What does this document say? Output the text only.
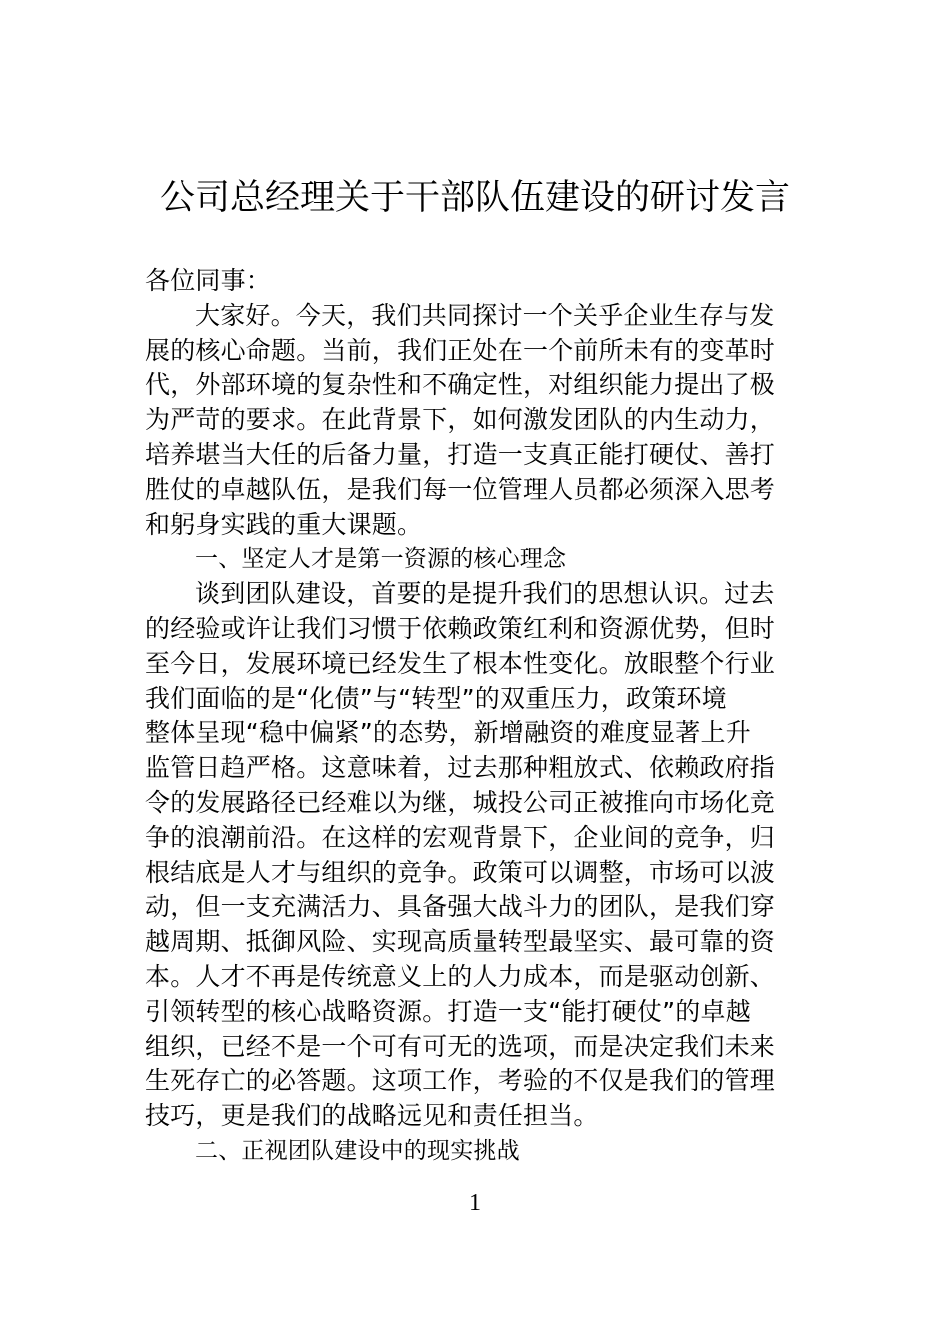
公司总经理关于干部队伍建设的研讨发言
各位同事：
大家好。今天，我们共同探讨一个关乎企业生存与发
展的核心命题。当前，我们正处在一个前所未有的变革时
代，外部环境的复杂性和不确定性，对组织能力提出了极
为严苛的要求。在此背景下，如何激发团队的内生动力，
培养堪当大任的后备力量，打造一支真正能打硬仗、善打
胜仗的卓越队伍，是我们每一位管理人员都必须深入思考
和躬身实践的重大课题。
一、坚定人才是第一资源的核心理念
谈到团队建设，首要的是提升我们的思想认识。过去
的经验或许让我们习惯于依赖政策红利和资源优势，但时
至今日，发展环境已经发生了根本性变化。放眼整个行业
我们面临的是“化债”与“转型”的双重压力，政策环境
整体呈现“稳中偏紧”的态势，新增融资的难度显著上升
监管日趋严格。这意味着，过去那种粗放式、依赖政府指
令的发展路径已经难以为继，城投公司正被推向市场化竞
争的浪潮前沿。在这样的宏观背景下，企业间的竞争，归
根结底是人才与组织的竞争。政策可以调整，市场可以波
动，但一支充满活力、具备强大战斗力的团队，是我们穿
越周期、抵御风险、实现高质量转型最坚实、最可靠的资
本。人才不再是传统意义上的人力成本，而是驱动创新、
引领转型的核心战略资源。打造一支“能打硬仗”的卓越
组织，已经不是一个可有可无的选项，而是决定我们未来
生死存亡的必答题。这项工作，考验的不仅是我们的管理
技巧，更是我们的战略远见和责任担当。
二、正视团队建设中的现实挑战
1
